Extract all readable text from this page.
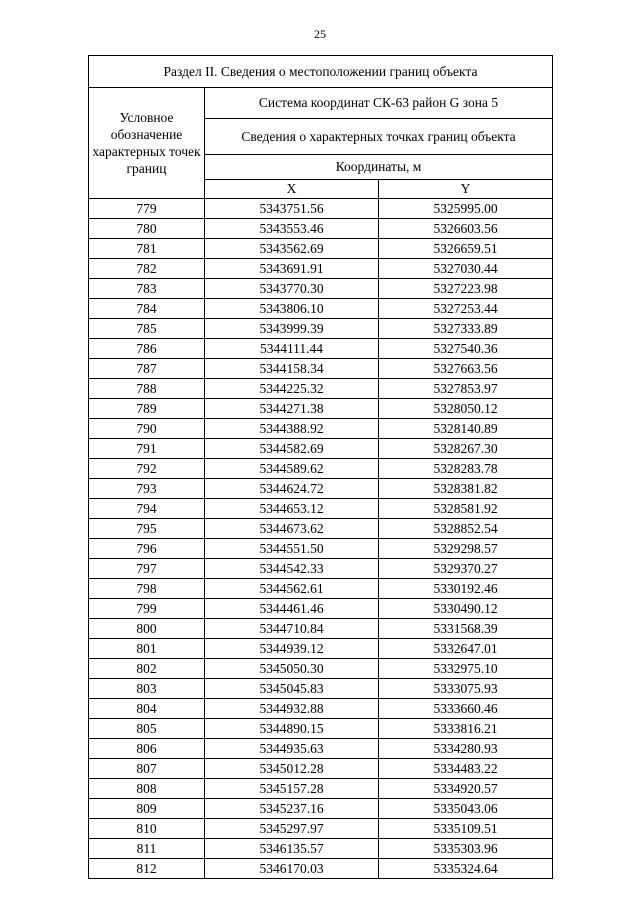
25
Раздел II. Сведения о местоположении границ объекта		
Условное обозначение характерных точек границ	Система координат СК-63 район G зона 5	
	Сведения о характерных точках границ объекта	
	Координаты, м	
	X	Y
779	5343751.56	5325995.00
780	5343553.46	5326603.56
781	5343562.69	5326659.51
782	5343691.91	5327030.44
783	5343770.30	5327223.98
784	5343806.10	5327253.44
785	5343999.39	5327333.89
786	5344111.44	5327540.36
787	5344158.34	5327663.56
788	5344225.32	5327853.97
789	5344271.38	5328050.12
790	5344388.92	5328140.89
791	5344582.69	5328267.30
792	5344589.62	5328283.78
793	5344624.72	5328381.82
794	5344653.12	5328581.92
795	5344673.62	5328852.54
796	5344551.50	5329298.57
797	5344542.33	5329370.27
798	5344562.61	5330192.46
799	5344461.46	5330490.12
800	5344710.84	5331568.39
801	5344939.12	5332647.01
802	5345050.30	5332975.10
803	5345045.83	5333075.93
804	5344932.88	5333660.46
805	5344890.15	5333816.21
806	5344935.63	5334280.93
807	5345012.28	5334483.22
808	5345157.28	5334920.57
809	5345237.16	5335043.06
810	5345297.97	5335109.51
811	5346135.57	5335303.96
812	5346170.03	5335324.64
